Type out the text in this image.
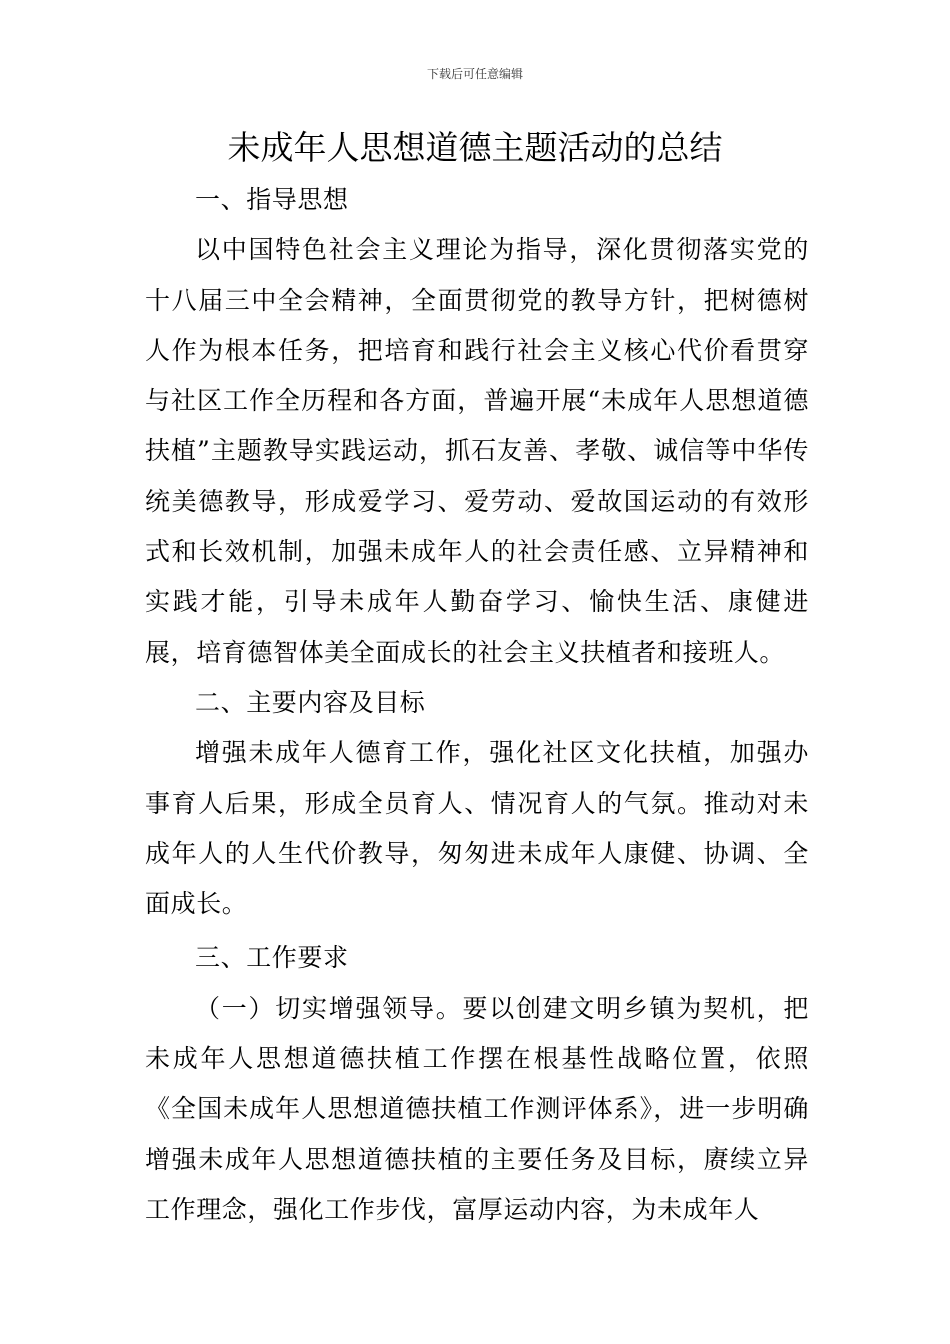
下载后可任意编辑
未成年人思想道德主题活动的总结

一、指导思想

以中国特色社会主义理论为指导，深化贯彻落实党的十八届三中全会精神，全面贯彻党的教导方针，把树德树人作为根本任务，把培育和践行社会主义核心代价看贯穿与社区工作全历程和各方面，普遍开展“未成年人思想道德扶植”主题教导实践运动，抓石友善、孝敬、诚信等中华传统美德教导，形成爱学习、爱劳动、爱故国运动的有效形式和长效机制，加强未成年人的社会责任感、立异精神和实践才能，引导未成年人勤奋学习、愉快生活、康健进展，培育德智体美全面成长的社会主义扶植者和接班人。

二、主要内容及目标

增强未成年人德育工作，强化社区文化扶植，加强办事育人后果，形成全员育人、情况育人的气氛。推动对未成年人的人生代价教导，匆匆进未成年人康健、协调、全面成长。

三、工作要求

（一）切实增强领导。要以创建文明乡镇为契机，把未成年人思想道德扶植工作摆在根基性战略位置，依照《全国未成年人思想道德扶植工作测评体系》，进一步明确增强未成年人思想道德扶植的主要任务及目标，赓续立异工作理念，强化工作步伐，富厚运动内容，为未成年人
